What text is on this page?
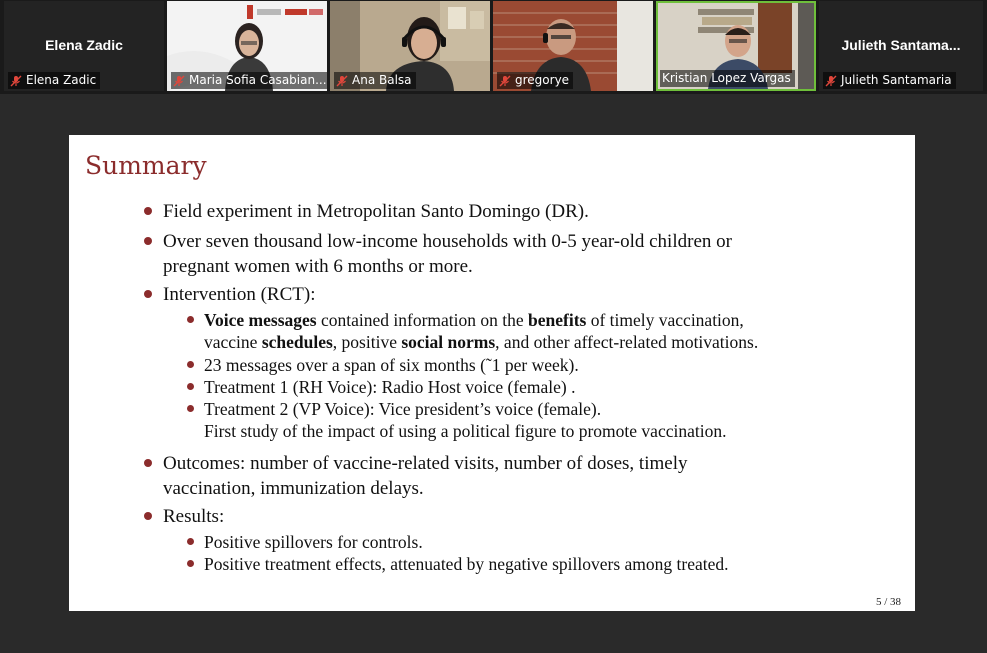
Elena Zadic
Elena Zadic	Maria Sofia Casabian... Ana Balsa	gregorye	Kristian Lopez Vargas
Julieth Santama...
Julieth Santamaria
Summary
Field experiment in Metropolitan Santo Domingo (DR).
Over seven thousand low-income households with 0-5 year-old children or
pregnant women with 6 months or more.
Intervention (RCT):
Voice messages contained information on the benefits of timely vaccination,
vaccine schedules, positive social norms, and other affect-related motivations.
23 messages over a span of six months (˜1 per week).
Treatment 1 (RH Voice): Radio Host voice (female) .
Treatment 2 (VP Voice): Vice president’s voice (female).
First study of the impact of using a political figure to promote vaccination.
Outcomes: number of vaccine-related visits, number of doses, timely
vaccination, immunization delays.
Results:
Positive spillovers for controls.
Positive treatment effects, attenuated by negative spillovers among treated.
5 / 38
